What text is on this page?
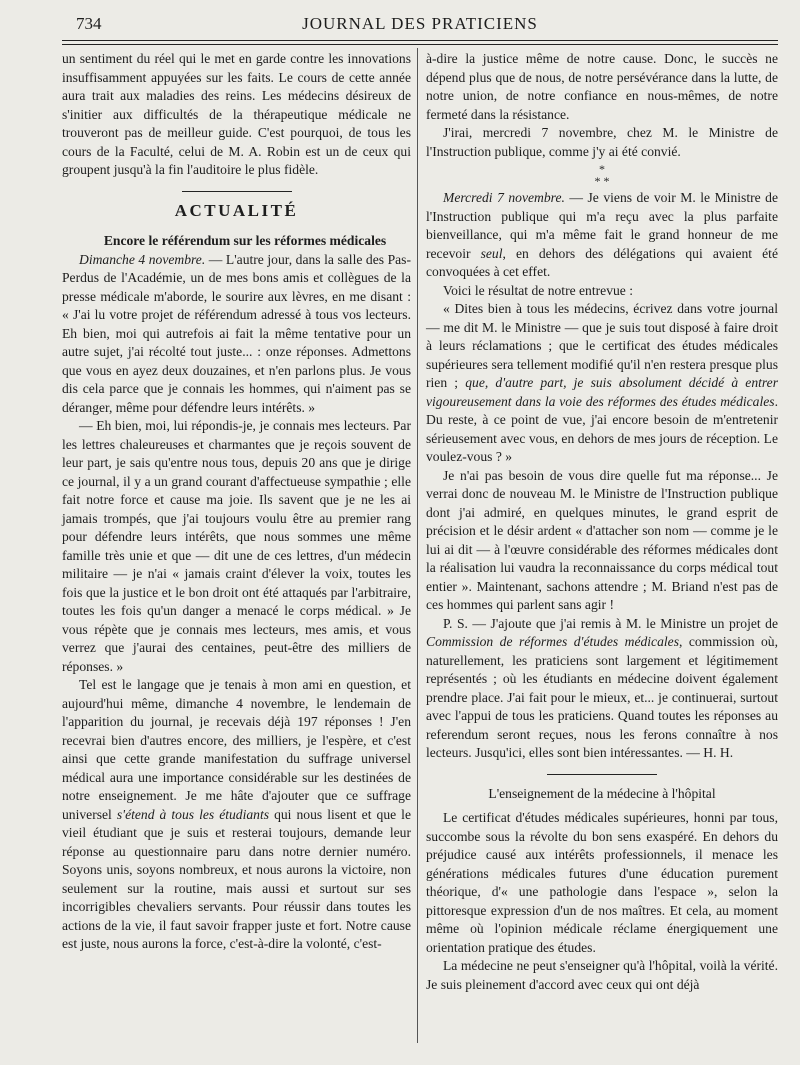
734	JOURNAL DES PRATICIENS

un sentiment du réel qui le met en garde contre les innovations insuffisamment appuyées sur les faits. Le cours de cette année aura trait aux maladies des reins. Les médecins désireux de s'initier aux difficultés de la thérapeutique médicale ne trouveront pas de meilleur guide. C'est pourquoi, de tous les cours de la Faculté, celui de M. A. Robin est un de ceux qui groupent jusqu'à la fin l'auditoire le plus fidèle.

ACTUALITÉ

Encore le référendum sur les réformes médicales

Dimanche 4 novembre. — L'autre jour, dans la salle des Pas-Perdus de l'Académie, un de mes bons amis et collègues de la presse médicale m'aborde, le sourire aux lèvres, en me disant : « J'ai lu votre projet de référendum adressé à tous vos lecteurs. Eh bien, moi qui autrefois ai fait la même tentative pour un autre sujet, j'ai récolté tout juste... : onze réponses. Admettons que vous en ayez deux douzaines, et n'en parlons plus. Je vous dis cela parce que je connais les hommes, qui n'aiment pas se déranger, même pour défendre leurs intérêts. »

— Eh bien, moi, lui répondis-je, je connais mes lecteurs. Par les lettres chaleureuses et charmantes que je reçois souvent de leur part, je sais qu'entre nous tous, depuis 20 ans que je dirige ce journal, il y a un grand courant d'affectueuse sympathie ; elle fait notre force et cause ma joie. Ils savent que je ne les ai jamais trompés, que j'ai toujours voulu être au premier rang pour défendre leurs intérêts, que nous sommes une même famille très unie et que — dit une de ces lettres, d'un médecin militaire — je n'ai « jamais craint d'élever la voix, toutes les fois que la justice et le bon droit ont été attaqués par l'arbitraire, toutes les fois qu'un danger a menacé le corps médical. » Je vous répète que je connais mes lecteurs, mes amis, et vous verrez que j'aurai des centaines, peut-être des milliers de réponses. »

Tel est le langage que je tenais à mon ami en question, et aujourd'hui même, dimanche 4 novembre, le lendemain de l'apparition du journal, je recevais déjà 197 réponses ! J'en recevrai bien d'autres encore, des milliers, je l'espère, et c'est ainsi que cette grande manifestation du suffrage universel médical aura une importance considérable sur les destinées de notre enseignement. Je me hâte d'ajouter que ce suffrage universel s'étend à tous les étudiants qui nous lisent et que le vieil étudiant que je suis et resterai toujours, demande leur réponse au questionnaire paru dans notre dernier numéro. Soyons unis, soyons nombreux, et nous aurons la victoire, non seulement sur la routine, mais aussi et surtout sur ses incorrigibles chevaliers servants. Pour réussir dans toutes les actions de la vie, il faut savoir frapper juste et fort. Notre cause est juste, nous aurons la force, c'est-à-dire la volonté, c'est-

à-dire la justice même de notre cause. Donc, le succès ne dépend plus que de nous, de notre persévérance dans la lutte, de notre union, de notre confiance en nous-mêmes, de notre fermeté dans la résistance.

J'irai, mercredi 7 novembre, chez M. le Ministre de l'Instruction publique, comme j'y ai été convié.

*
* *

Mercredi 7 novembre. — Je viens de voir M. le Ministre de l'Instruction publique qui m'a reçu avec la plus parfaite bienveillance, qui m'a même fait le grand honneur de me recevoir seul, en dehors des délégations qui avaient été convoquées à cet effet.

Voici le résultat de notre entrevue :

« Dites bien à tous les médecins, écrivez dans votre journal — me dit M. le Ministre — que je suis tout disposé à faire droit à leurs réclamations ; que le certificat des études médicales supérieures sera tellement modifié qu'il n'en restera presque plus rien ; que, d'autre part, je suis absolument décidé à entrer vigoureusement dans la voie des réformes des études médicales. Du reste, à ce point de vue, j'ai encore besoin de m'entretenir sérieusement avec vous, en dehors de mes jours de réception. Le voulez-vous ? »

Je n'ai pas besoin de vous dire quelle fut ma réponse... Je verrai donc de nouveau M. le Ministre de l'Instruction publique dont j'ai admiré, en quelques minutes, le grand esprit de précision et le désir ardent « d'attacher son nom — comme je le lui ai dit — à l'œuvre considérable des réformes médicales dont la réalisation lui vaudra la reconnaissance du corps médical tout entier ». Maintenant, sachons attendre ; M. Briand n'est pas de ces hommes qui parlent sans agir !

P. S. — J'ajoute que j'ai remis à M. le Ministre un projet de Commission de réformes d'études médicales, commission où, naturellement, les praticiens sont largement et légitimement représentés ; où les étudiants en médecine doivent également prendre place. J'ai fait pour le mieux, et... je continuerai, surtout avec l'appui de tous les praticiens. Quand toutes les réponses au referendum seront reçues, nous les ferons connaître à nos lecteurs. Jusqu'ici, elles sont bien intéressantes. — H. H.

L'enseignement de la médecine à l'hôpital

Le certificat d'études médicales supérieures, honni par tous, succombe sous la révolte du bon sens exaspéré. En dehors du préjudice causé aux intérêts professionnels, il menace les générations médicales futures d'une éducation purement théorique, d'« une pathologie dans l'espace », selon la pittoresque expression d'un de nos maîtres. Et cela, au moment même où l'opinion médicale réclame énergiquement une orientation pratique des études.

La médecine ne peut s'enseigner qu'à l'hôpital, voilà la vérité. Je suis pleinement d'accord avec ceux qui ont déjà
